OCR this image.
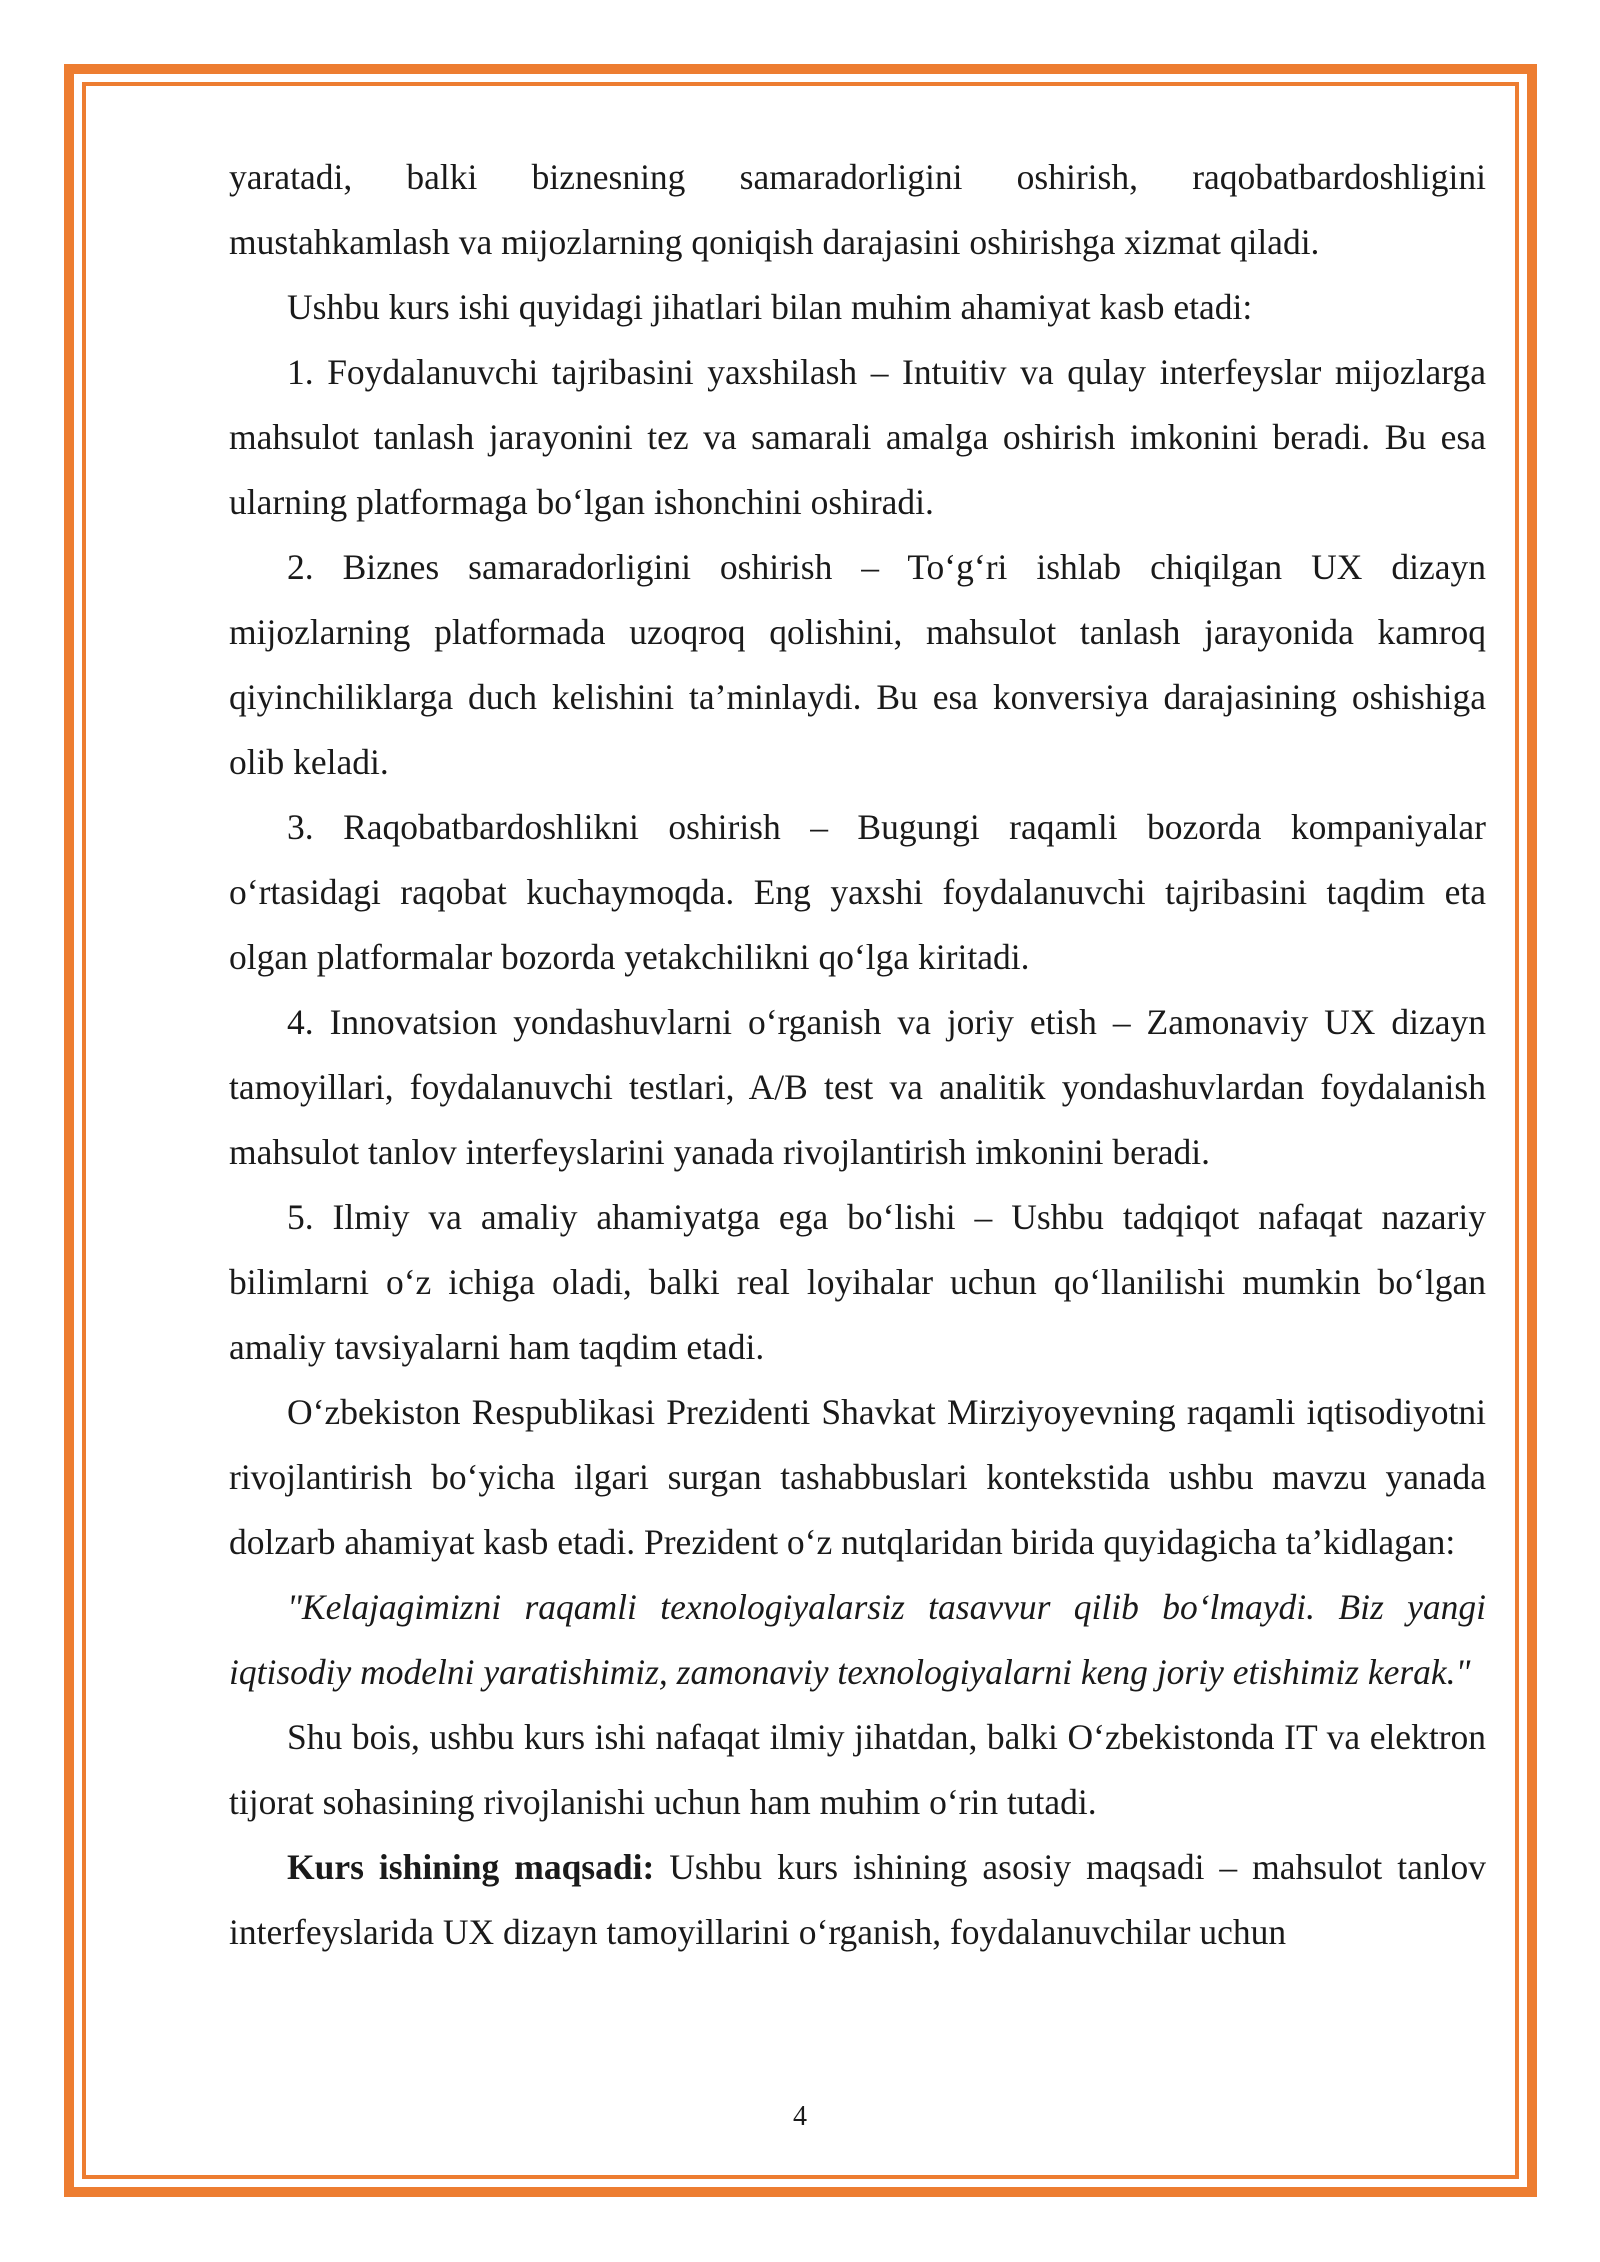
yaratadi, balki biznesning samaradorligini oshirish, raqobatbardoshligini mustahkamlash va mijozlarning qoniqish darajasini oshirishga xizmat qiladi.

Ushbu kurs ishi quyidagi jihatlari bilan muhim ahamiyat kasb etadi:

1. Foydalanuvchi tajribasini yaxshilash – Intuitiv va qulay interfeyslar mijozlarga mahsulot tanlash jarayonini tez va samarali amalga oshirish imkonini beradi. Bu esa ularning platformaga bo‘lgan ishonchini oshiradi.

2. Biznes samaradorligini oshirish – To‘g‘ri ishlab chiqilgan UX dizayn mijozlarning platformada uzoqroq qolishini, mahsulot tanlash jarayonida kamroq qiyinchiliklarga duch kelishini ta’minlaydi. Bu esa konversiya darajasining oshishiga olib keladi.

3. Raqobatbardoshlikni oshirish – Bugungi raqamli bozorda kompaniyalar o‘rtasidagi raqobat kuchaymoqda. Eng yaxshi foydalanuvchi tajribasini taqdim eta olgan platformalar bozorda yetakchilikni qo‘lga kiritadi.

4. Innovatsion yondashuvlarni o‘rganish va joriy etish – Zamonaviy UX dizayn tamoyillari, foydalanuvchi testlari, A/B test va analitik yondashuvlardan foydalanish mahsulot tanlov interfeyslarini yanada rivojlantirish imkonini beradi.

5. Ilmiy va amaliy ahamiyatga ega bo‘lishi – Ushbu tadqiqot nafaqat nazariy bilimlarni o‘z ichiga oladi, balki real loyihalar uchun qo‘llanilishi mumkin bo‘lgan amaliy tavsiyalarni ham taqdim etadi.

O‘zbekiston Respublikasi Prezidenti Shavkat Mirziyoyevning raqamli iqtisodiyotni rivojlantirish bo‘yicha ilgari surgan tashabbuslari kontekstida ushbu mavzu yanada dolzarb ahamiyat kasb etadi. Prezident o‘z nutqlaridan birida quyidagicha ta’kidlagan:

"Kelajagimizni raqamli texnologiyalarsiz tasavvur qilib bo‘lmaydi. Biz yangi iqtisodiy modelni yaratishimiz, zamonaviy texnologiyalarni keng joriy etishimiz kerak."

Shu bois, ushbu kurs ishi nafaqat ilmiy jihatdan, balki O‘zbekistonda IT va elektron tijorat sohasining rivojlanishi uchun ham muhim o‘rin tutadi.

Kurs ishining maqsadi: Ushbu kurs ishining asosiy maqsadi – mahsulot tanlov interfeyslarida UX dizayn tamoyillarini o‘rganish, foydalanuvchilar uchun

4
